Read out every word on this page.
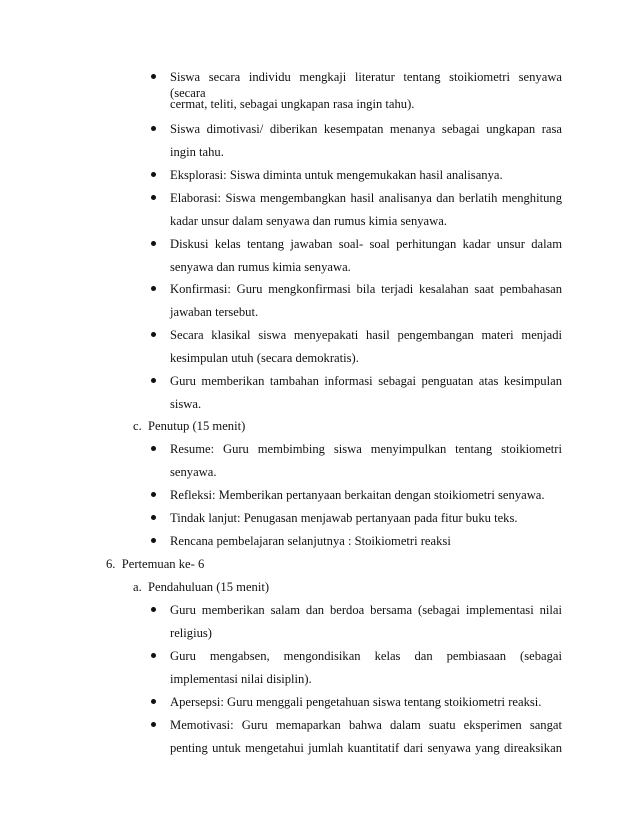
Siswa secara individu mengkaji literatur tentang stoikiometri senyawa (secara
cermat, teliti, sebagai ungkapan rasa ingin tahu).
Siswa dimotivasi/ diberikan kesempatan menanya sebagai ungkapan rasa
ingin tahu.
Eksplorasi: Siswa diminta untuk mengemukakan hasil analisanya.
Elaborasi: Siswa mengembangkan hasil analisanya dan berlatih menghitung
kadar unsur dalam senyawa dan rumus kimia senyawa.
Diskusi kelas tentang jawaban soal- soal perhitungan kadar unsur dalam
senyawa dan rumus kimia senyawa.
Konfirmasi: Guru mengkonfirmasi bila terjadi kesalahan saat pembahasan
jawaban tersebut.
Secara klasikal siswa menyepakati hasil pengembangan materi menjadi
kesimpulan utuh (secara demokratis).
Guru memberikan tambahan informasi sebagai penguatan atas kesimpulan
siswa.
c.  Penutup (15 menit)
Resume: Guru membimbing siswa menyimpulkan tentang stoikiometri
senyawa.
Refleksi: Memberikan pertanyaan berkaitan dengan stoikiometri senyawa.
Tindak lanjut: Penugasan menjawab pertanyaan pada fitur buku teks.
Rencana pembelajaran selanjutnya : Stoikiometri reaksi
6.  Pertemuan ke- 6
a.  Pendahuluan (15 menit)
Guru memberikan salam dan berdoa bersama (sebagai implementasi nilai
religius)
Guru mengabsen, mengondisikan kelas dan pembiasaan (sebagai
implementasi nilai disiplin).
Apersepsi: Guru menggali pengetahuan siswa tentang stoikiometri reaksi.
Memotivasi: Guru memaparkan bahwa dalam suatu eksperimen sangat
penting untuk mengetahui jumlah kuantitatif dari senyawa yang direaksikan
